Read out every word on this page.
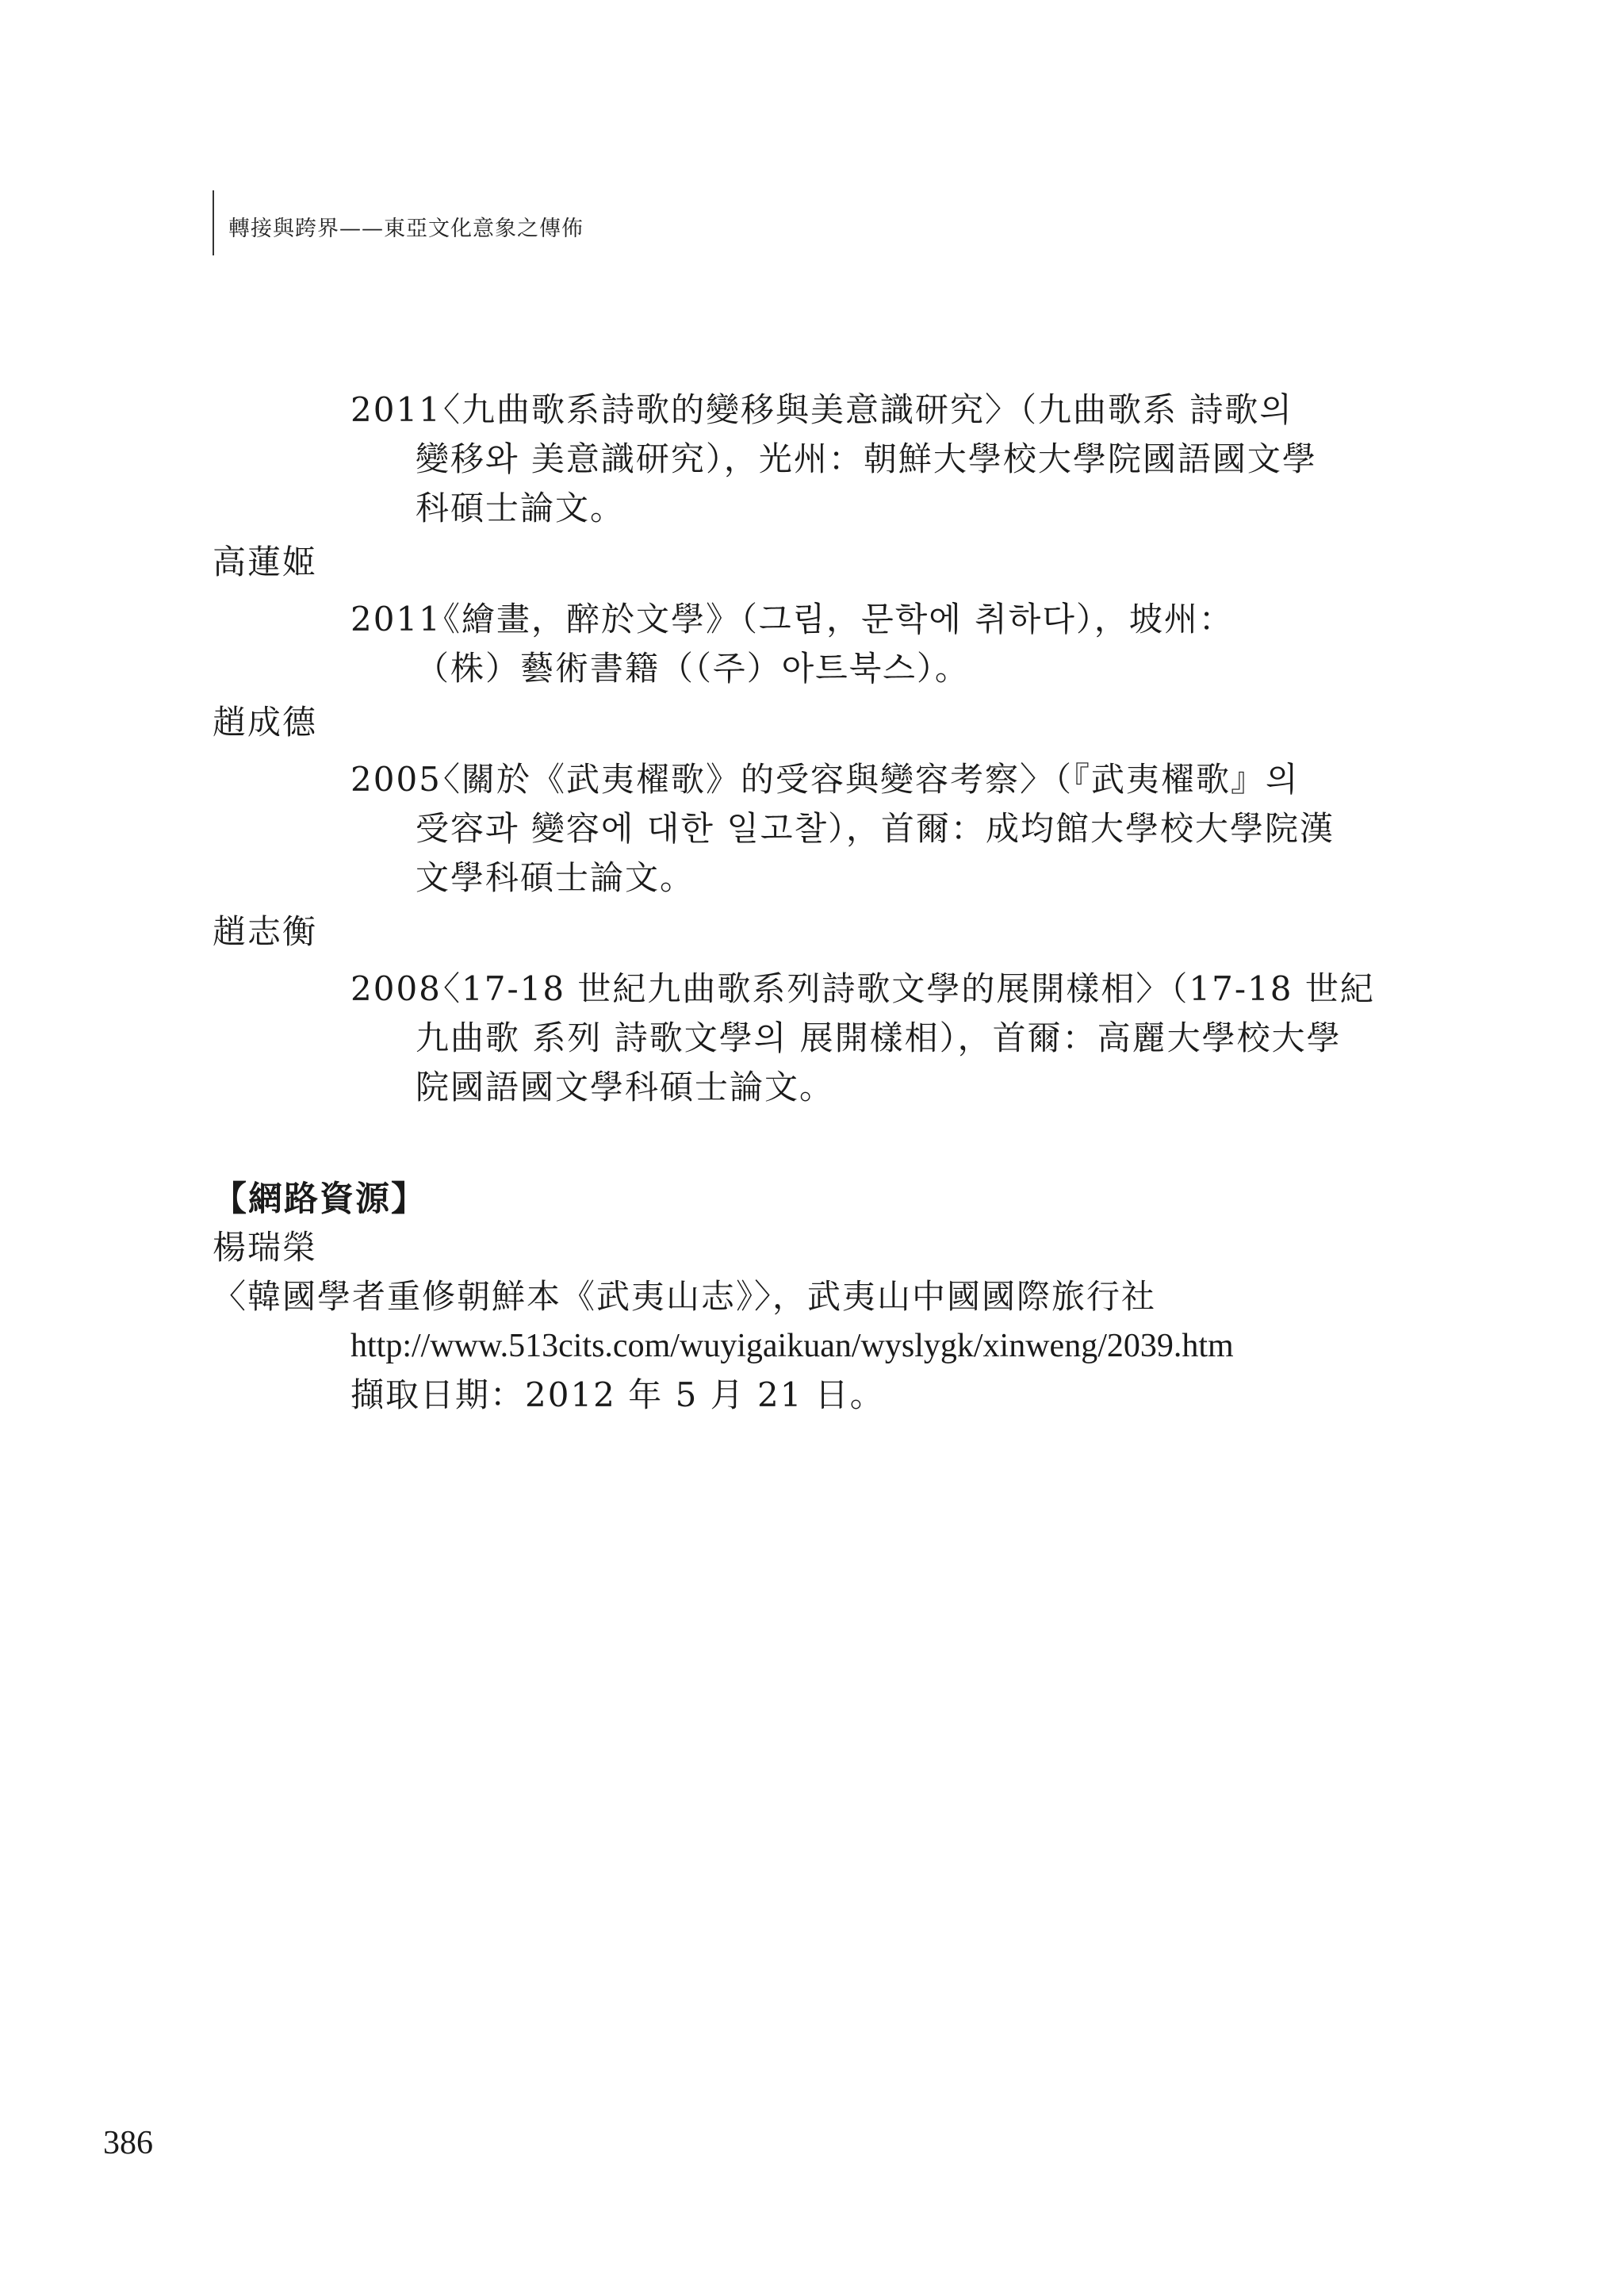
轉接與跨界——東亞文化意象之傳佈
2011〈九曲歌系詩歌的變移與美意識研究〉（九曲歌系 詩歌의
變移와 美意識研究），光州：朝鮮大學校大學院國語國文學
科碩士論文。
高蓮姬
2011《繪畫，醉於文學》（그림，문학에 취하다），坡州：
（株）藝術書籍（（주）아트북스）。
趙成德
2005〈關於《武夷櫂歌》的受容與變容考察〉（『武夷櫂歌』의
受容과 變容에 대한 일고찰），首爾：成均館大學校大學院漢
文學科碩士論文。
趙志衡
2008〈17-18 世紀九曲歌系列詩歌文學的展開樣相〉（17-18 世紀
九曲歌 系列 詩歌文學의 展開樣相），首爾：高麗大學校大學
院國語國文學科碩士論文。
【網路資源】
楊瑞榮
〈韓國學者重修朝鮮本《武夷山志》〉，武夷山中國國際旅行社
http://www.513cits.com/wuyigaikuan/wyslygk/xinweng/2039.htm
擷取日期：2012 年 5 月 21 日。
386
